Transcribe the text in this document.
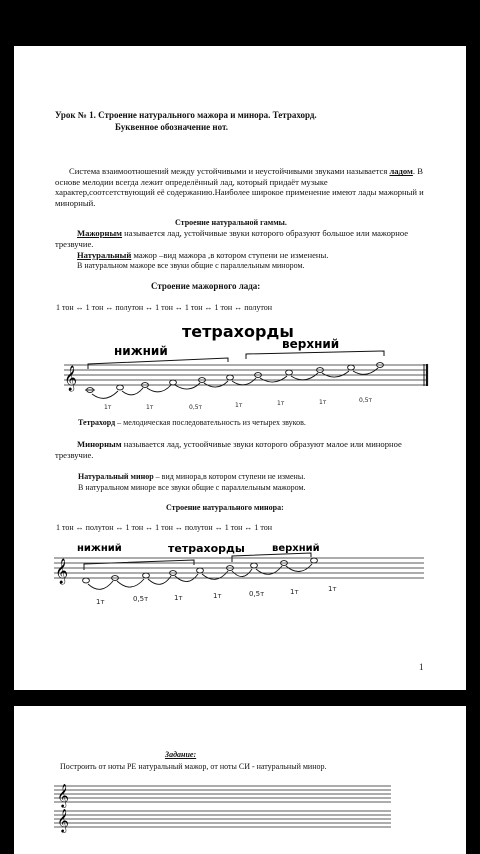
Урок № 1. Строение натурального мажора и минора. Тетрахорд.
Буквенное обозначение нот.
Система взаимоотношений между устойчивыми и неустойчивыми звуками называется ладом. В основе мелодии всегда лежит определённый лад, который придаёт музыке характер,соотсетствующий её содержанию.Наиболее широкое применение имеют лады мажорный и минорный.
Строение натуральной гаммы.
Мажорным называется лад, устойчивые звуки которого образуют большое или мажорное трезвучие.
Натуральный мажор –вид мажора ,в котором ступени не изменены.
В натуральном мажоре все звуки общие с параллельным минором.
Строение мажорного лада:
1 тон ↔ 1 тон ↔ полутон ↔ 1 тон ↔ 1 тон ↔ 1 тон ↔ полутон
тетрахорды
нижний	верхний
𝄞
1т	1т	0,5т	1т	1т	1т	0,5т
Тетрахорд – мелодическая последовательность из четырех звуков.
Минорным называется лад, устоойчивые звуки которого образуют малое или минорное трезвучие.
Натуральный минор – вид минора,в котором ступени не измены.
В натуральном миноре все звуки общие с параллельным мажором.
Строение натурального минора:
1 тон ↔ полутон ↔ 1 тон ↔ 1 тон ↔ полутон ↔ 1 тон ↔ 1 тон
нижний	тетрахорды	верхний
𝄞
1т	0,5т	1т	1т	0,5т	1т	1т
1
Задание:
Построить от ноты РЕ натуральный мажор, от ноты СИ - натуральный минор.
𝄞
𝄞
